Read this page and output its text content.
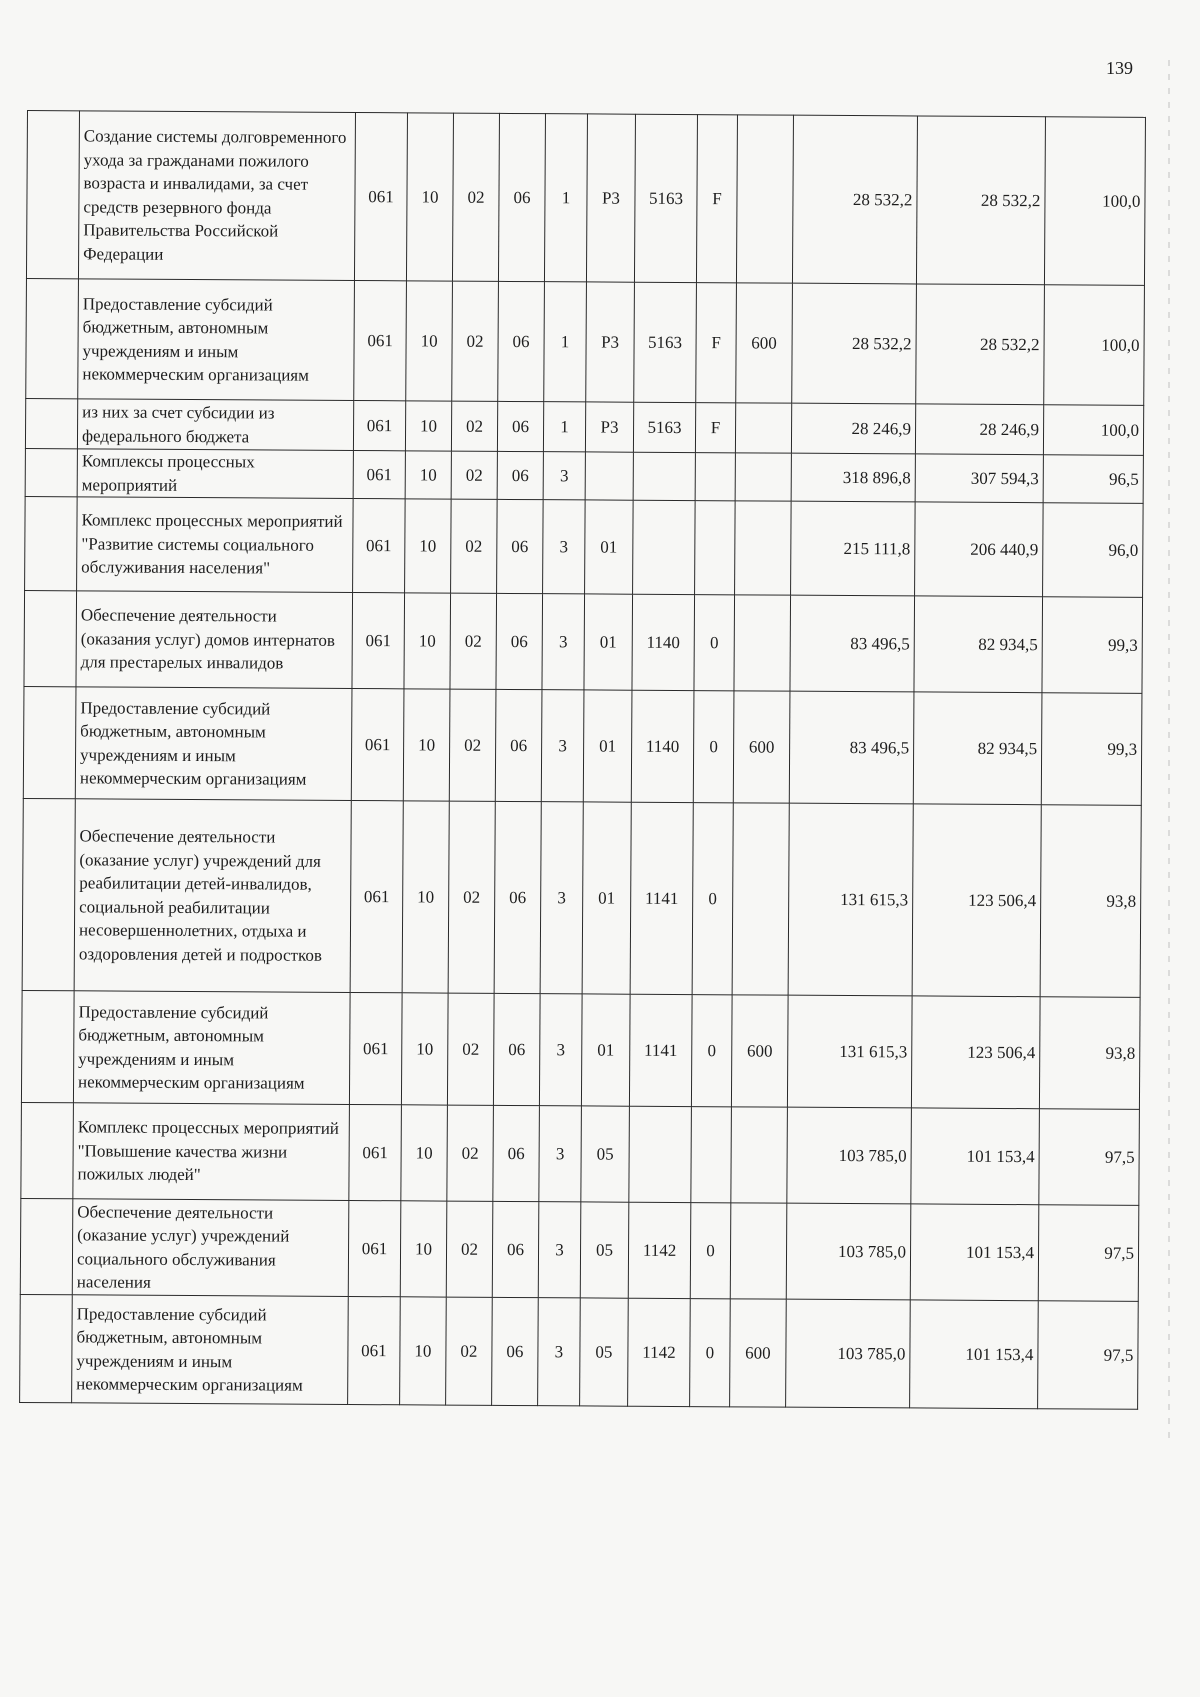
139
	Создание системы долговременного ухода за гражданами пожилого возраста и инвалидами, за счет средств резервного фонда Правительства Российской Федерации	061	10	02	06	1	P3	5163	F		28 532,2	28 532,2	100,0
	Предоставление субсидий бюджетным, автономным учреждениям и иным некоммерческим организациям	061	10	02	06	1	P3	5163	F	600	28 532,2	28 532,2	100,0
	из них за счет субсидии из федерального бюджета	061	10	02	06	1	P3	5163	F		28 246,9	28 246,9	100,0
	Комплексы процессных мероприятий	061	10	02	06	3					318 896,8	307 594,3	96,5
	Комплекс процессных мероприятий "Развитие системы социального обслуживания населения"	061	10	02	06	3	01				215 111,8	206 440,9	96,0
	Обеспечение деятельности (оказания услуг) домов интернатов для престарелых инвалидов	061	10	02	06	3	01	1140	0		83 496,5	82 934,5	99,3
	Предоставление субсидий бюджетным, автономным учреждениям и иным некоммерческим организациям	061	10	02	06	3	01	1140	0	600	83 496,5	82 934,5	99,3
	Обеспечение деятельности (оказание услуг) учреждений для реабилитации детей-инвалидов, социальной реабилитации несовершеннолетних, отдыха и оздоровления детей и подростков	061	10	02	06	3	01	1141	0		131 615,3	123 506,4	93,8
	Предоставление субсидий бюджетным, автономным учреждениям и иным некоммерческим организациям	061	10	02	06	3	01	1141	0	600	131 615,3	123 506,4	93,8
	Комплекс процессных мероприятий "Повышение качества жизни пожилых людей"	061	10	02	06	3	05				103 785,0	101 153,4	97,5
	Обеспечение деятельности (оказание услуг) учреждений социального обслуживания населения	061	10	02	06	3	05	1142	0		103 785,0	101 153,4	97,5
	Предоставление субсидий бюджетным, автономным учреждениям и иным некоммерческим организациям	061	10	02	06	3	05	1142	0	600	103 785,0	101 153,4	97,5
